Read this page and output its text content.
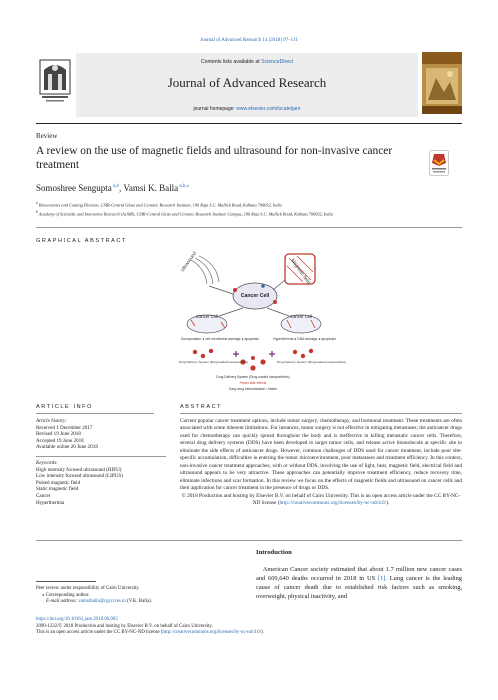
Journal of Advanced Research 14 (2018) 97–111
Contents lists available at ScienceDirect
Journal of Advanced Research
journal homepage: www.elsevier.com/locate/jare
Review
A review on the use of magnetic fields and ultrasound for non-invasive cancer treatment
Somoshree Sengupta $^{a,b}$, Vamsi K. Balla $^{a,b,⁎}$
$^a$ Bioceramics and Coating Division, CSIR-Central Glass and Ceramic Research Institute, 196 Raja S.C. Mullick Road, Kolkata 700032, India
$^b$ Academy of Scientific and Innovative Research (AcSIR), CSIR-Central Glass and Ceramic Research Institute Campus, 196 Raja S.C. Mullick Road, Kolkata 700032, India
GRAPHICAL ABSTRACT
Ultrasound	Magnetic field
Cancer Cell
Cancer Cell
Sonoporation ● cell membrane damage ● apoptosis
Cancer Cell
Hyperthermia ● DNA damage ● apoptosis
Drug Delivery System (Drug loaded nanoparticles)	Drug Delivery System (Drug loaded nanoparticles)
Drug Delivery System (Drug loaded nanoparticles)
Fewer side effects
Easy drug internalization / intake
ARTICLE INFO	ABSTRACT
Article history:
Received 1 December 2017
Revised 19 June 2018
Accepted 19 June 2018
Available online 20 June 2018
Keywords:
High intensity focused ultrasound (HIFU)
Low intensity focused ultrasound (LIPUS)
Pulsed magnetic field
Static magnetic field
Cancer
Hyperthermia
Current popular cancer treatment options, include tumor surgery, chemotherapy, and hormonal treatment. These treatments are often associated with some inherent limitations. For instances, tumor surgery is not effective in mitigating metastases; the anticancer drugs used for chemotherapy can quickly spread throughout the body and is ineffective in killing metastatic cancer cells. Therefore, several drug delivery systems (DDS) have been developed to target tumor cells, and release active biomolecule at specific site to eliminate the side effects of anticancer drugs. However, common challenges of DDS used for cancer treatment, include poor site-specific accumulation, difficulties in entering the tumor microenvironment, poor metastases and treatment efficiency. In this context, non-invasive cancer treatment approaches, with or without DDS, involving the use of light, heat, magnetic field, electrical field and ultrasound appears to be very attractive. These approaches can potentially improve treatment efficiency, reduce recovery time, eliminate infections and scar formation. In this review we focus on the effects of magnetic fields and ultrasound on cancer cells and their application for cancer treatment in the presence of drugs or DDS.
© 2018 Production and hosting by Elsevier B.V. on behalf of Cairo University. This is an open access article under the CC BY-NC-ND license (http://creativecommons.org/licenses/by-nc-nd/4.0/).
Introduction
American Cancer society estimated that about 1.7 million new cancer cases and 609,640 deaths occurred in 2018 in US [1]. Lung cancer is the leading cause of cancer death due to established risk factors such as smoking, overweight, physical inactivity, and
Peer review under responsibility of Cairo University.
⁎ Corresponding author.
E-mail address: vamsiballa@cgcri.res.in (V.K. Balla).
https://doi.org/10.1016/j.jare.2018.06.003
2090-1232/© 2018 Production and hosting by Elsevier B.V. on behalf of Cairo University.
This is an open access article under the CC BY-NC-ND license (http://creativecommons.org/licenses/by-nc-nd/4.0/).
